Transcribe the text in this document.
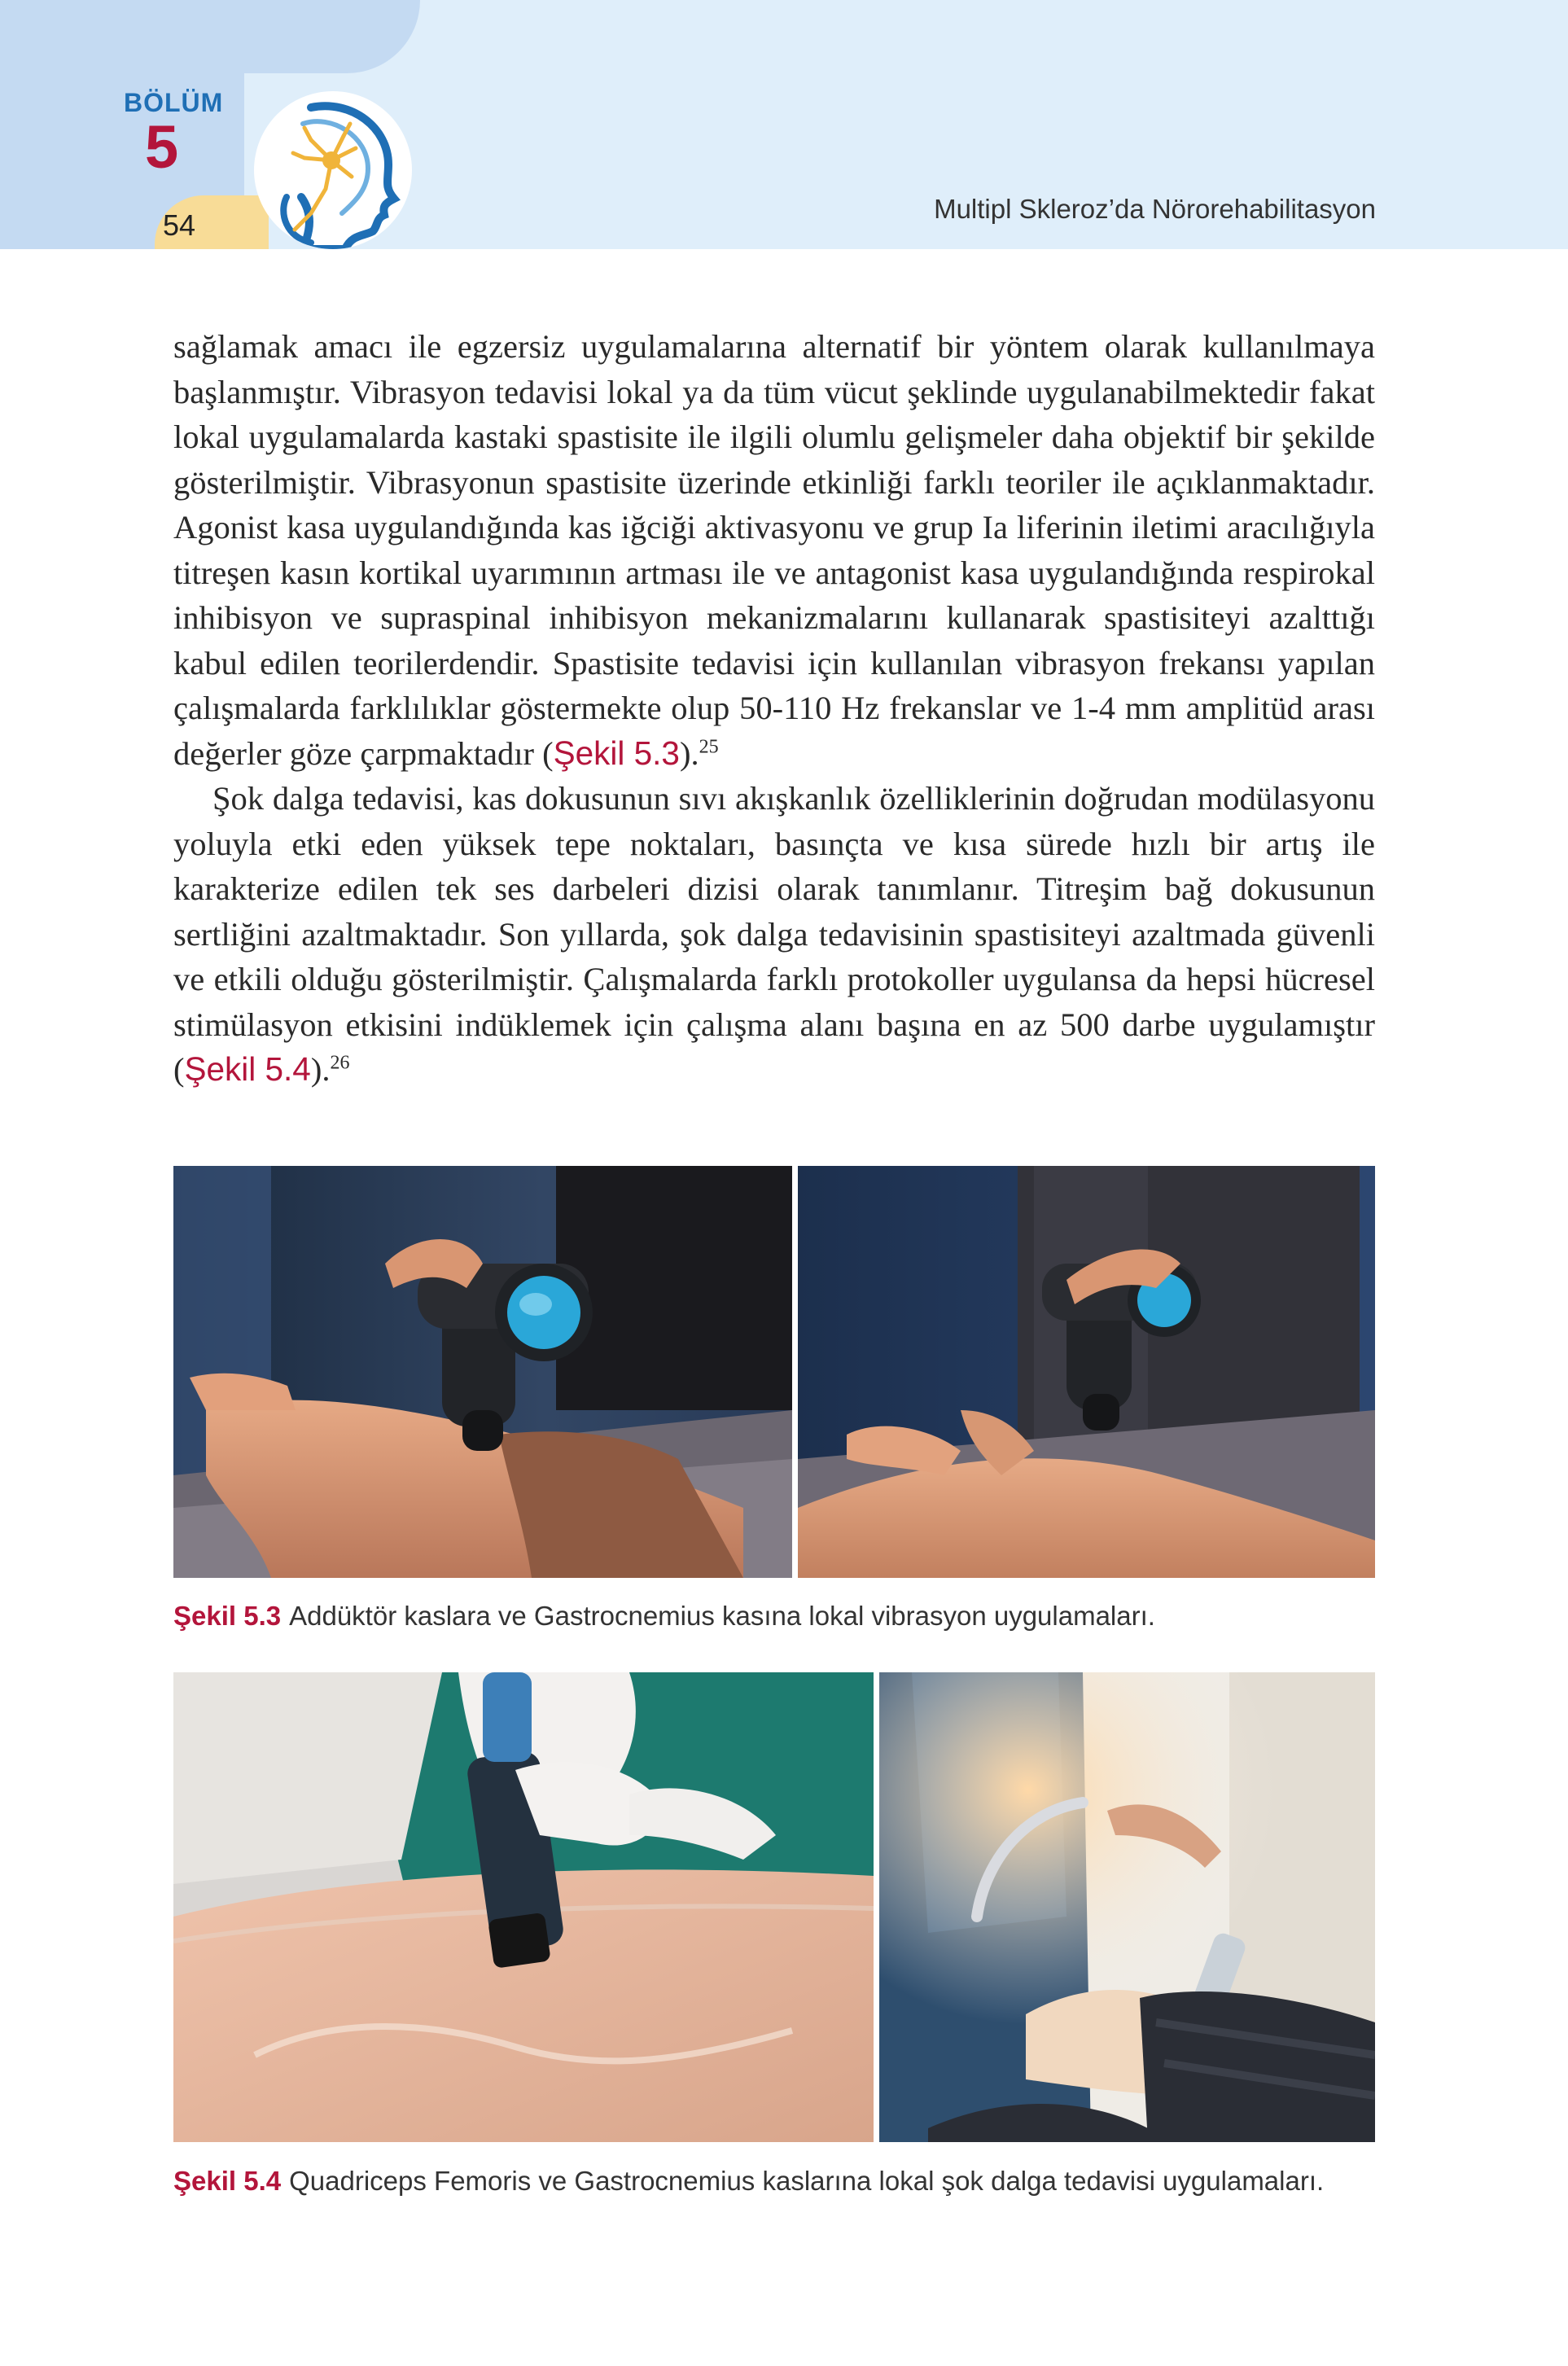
BÖLÜM
5
54	Multipl Skleroz’da Nörorehabilitasyon

sağlamak amacı ile egzersiz uygulamalarına alternatif bir yöntem olarak kullanılmaya başlanmıştır. Vibrasyon tedavisi lokal ya da tüm vücut şeklinde uygulanabilmektedir fakat lokal uygulamalarda kastaki spastisite ile ilgili olumlu gelişmeler daha objektif bir şekilde gösterilmiştir. Vibrasyonun spastisite üzerinde etkinliği farklı teoriler ile açıklanmaktadır. Agonist kasa uygulandığında kas iğciği aktivasyonu ve grup Ia liferinin iletimi aracılığıyla titreşen kasın kortikal uyarımının artması ile ve antagonist kasa uygulandığında respirokal inhibisyon ve supraspinal inhibisyon mekanizmalarını kullanarak spastisiteyi azalttığı kabul edilen teorilerdendir. Spastisite tedavisi için kullanılan vibrasyon frekansı yapılan çalışmalarda farklılıklar göstermekte olup 50-110 Hz frekanslar ve 1-4 mm amplitüd arası değerler göze çarpmaktadır (Şekil 5.3).$^{25}$

Şok dalga tedavisi, kas dokusunun sıvı akışkanlık özelliklerinin doğrudan modülasyonu yoluyla etki eden yüksek tepe noktaları, basınçta ve kısa sürede hızlı bir artış ile karakterize edilen tek ses darbeleri dizisi olarak tanımlanır. Titreşim bağ dokusunun sertliğini azaltmaktadır. Son yıllarda, şok dalga tedavisinin spastisiteyi azaltmada güvenli ve etkili olduğu gösterilmiştir. Çalışmalarda farklı protokoller uygulansa da hepsi hücresel stimülasyon etkisini indüklemek için çalışma alanı başına en az 500 darbe uygulamıştır (Şekil 5.4).$^{26}$

Şekil 5.3 Addüktör kaslara ve Gastrocnemius kasına lokal vibrasyon uygulamaları.
Şekil 5.4 Quadriceps Femoris ve Gastrocnemius kaslarına lokal şok dalga tedavisi uygulamaları.
